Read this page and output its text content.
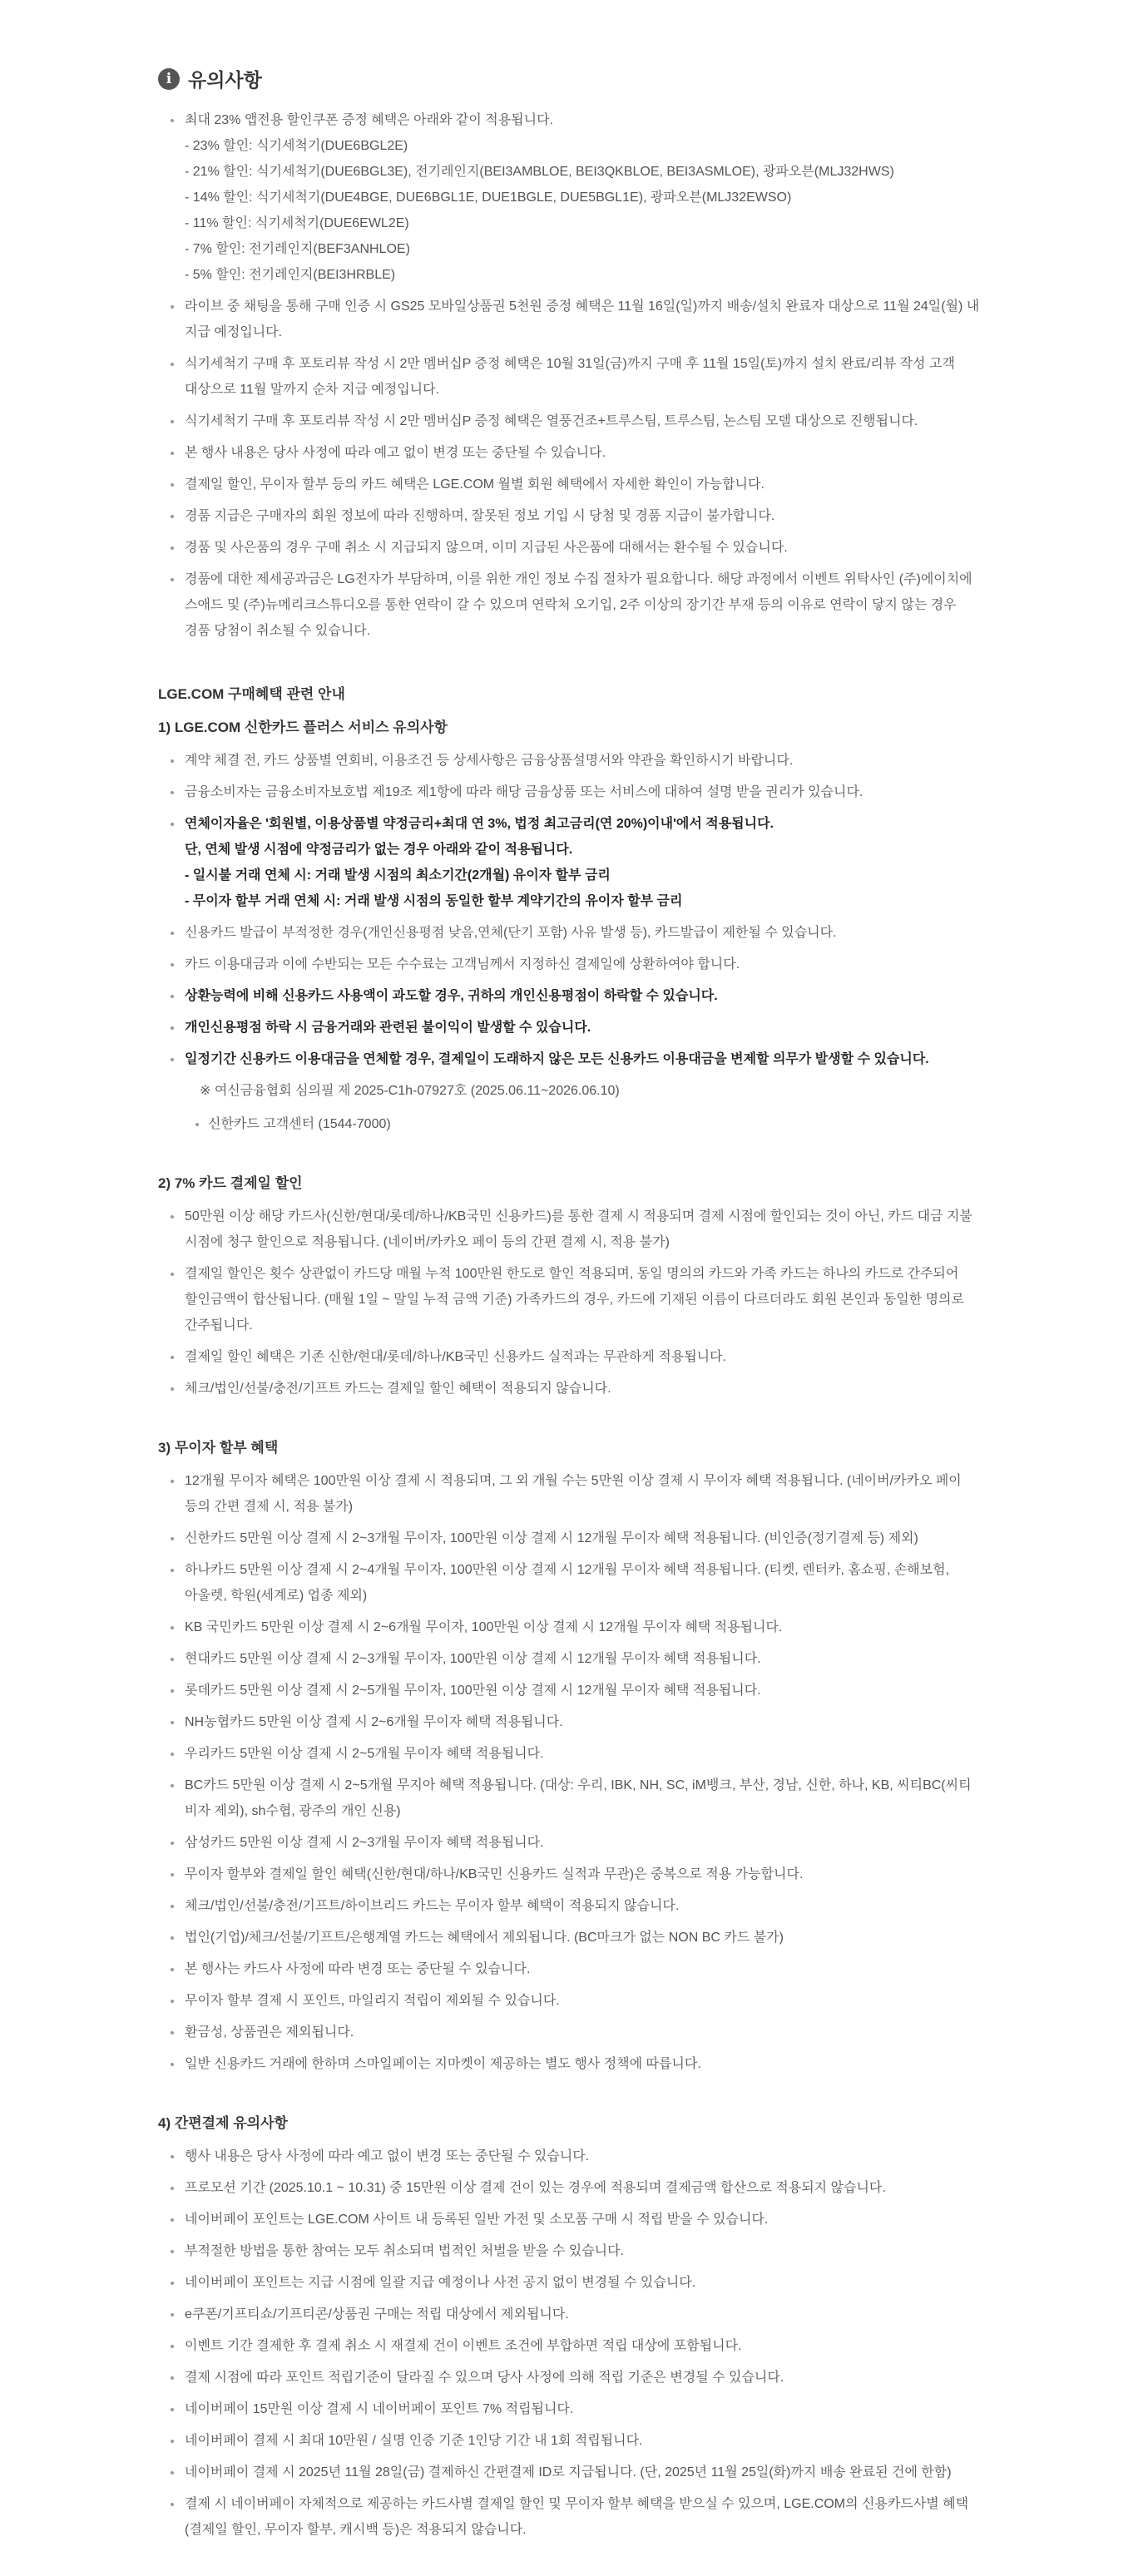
i 유의사항
최대 23% 앱전용 할인쿠폰 증정 혜택은 아래와 같이 적용됩니다.
- 23% 할인: 식기세척기(DUE6BGL2E)
- 21% 할인: 식기세척기(DUE6BGL3E), 전기레인지(BEI3AMBLOE, BEI3QKBLOE, BEI3ASMLOE), 광파오븐(MLJ32HWS)
- 14% 할인: 식기세척기(DUE4BGE, DUE6BGL1E, DUE1BGLE, DUE5BGL1E), 광파오븐(MLJ32EWSO)
- 11% 할인: 식기세척기(DUE6EWL2E)
- 7% 할인: 전기레인지(BEF3ANHLOE)
- 5% 할인: 전기레인지(BEI3HRBLE)
라이브 중 채팅을 통해 구매 인증 시 GS25 모바일상품권 5천원 증정 혜택은 11월 16일(일)까지 배송/설치 완료자 대상으로 11월 24일(월) 내
지급 예정입니다.
식기세척기 구매 후 포토리뷰 작성 시 2만 멤버십P 증정 혜택은 10월 31일(금)까지 구매 후 11월 15일(토)까지 설치 완료/리뷰 작성 고객
대상으로 11월 말까지 순차 지급 예정입니다.
식기세척기 구매 후 포토리뷰 작성 시 2만 멤버십P 증정 혜택은 열풍건조+트루스팀, 트루스팀, 논스팀 모델 대상으로 진행됩니다.
본 행사 내용은 당사 사정에 따라 예고 없이 변경 또는 중단될 수 있습니다.
결제일 할인, 무이자 할부 등의 카드 혜택은 LGE.COM 월별 회원 혜택에서 자세한 확인이 가능합니다.
경품 지급은 구매자의 회원 정보에 따라 진행하며, 잘못된 정보 기입 시 당첨 및 경품 지급이 불가합니다.
경품 및 사은품의 경우 구매 취소 시 지급되지 않으며, 이미 지급된 사은품에 대해서는 환수될 수 있습니다.
경품에 대한 제세공과금은 LG전자가 부담하며, 이를 위한 개인 정보 수집 절차가 필요합니다. 해당 과정에서 이벤트 위탁사인 (주)에이치에
스애드 및 (주)뉴메리크스튜디오를 통한 연락이 갈 수 있으며 연락처 오기입, 2주 이상의 장기간 부재 등의 이유로 연락이 닿지 않는 경우
경품 당첨이 취소될 수 있습니다.
LGE.COM 구매혜택 관련 안내
1) LGE.COM 신한카드 플러스 서비스 유의사항
계약 체결 전, 카드 상품별 연회비, 이용조건 등 상세사항은 금융상품설명서와 약관을 확인하시기 바랍니다.
금융소비자는 금융소비자보호법 제19조 제1항에 따라 해당 금융상품 또는 서비스에 대하여 설명 받을 권리가 있습니다.
연체이자율은 '회원별, 이용상품별 약정금리+최대 연 3%, 법정 최고금리(연 20%)이내'에서 적용됩니다.
단, 연체 발생 시점에 약정금리가 없는 경우 아래와 같이 적용됩니다.
- 일시불 거래 연체 시: 거래 발생 시점의 최소기간(2개월) 유이자 할부 금리
- 무이자 할부 거래 연체 시: 거래 발생 시점의 동일한 할부 계약기간의 유이자 할부 금리
신용카드 발급이 부적정한 경우(개인신용평점 낮음,연체(단기 포함) 사유 발생 등), 카드발급이 제한될 수 있습니다.
카드 이용대금과 이에 수반되는 모든 수수료는 고객님께서 지정하신 결제일에 상환하여야 합니다.
상환능력에 비해 신용카드 사용액이 과도할 경우, 귀하의 개인신용평점이 하락할 수 있습니다.
개인신용평점 하락 시 금융거래와 관련된 불이익이 발생할 수 있습니다.
일정기간 신용카드 이용대금을 연체할 경우, 결제일이 도래하지 않은 모든 신용카드 이용대금을 변제할 의무가 발생할 수 있습니다.
※ 여신금융협회 심의필 제 2025-C1h-07927호 (2025.06.11~2026.06.10)
신한카드 고객센터 (1544-7000)
2) 7% 카드 결제일 할인
50만원 이상 해당 카드사(신한/현대/롯데/하나/KB국민 신용카드)를 통한 결제 시 적용되며 결제 시점에 할인되는 것이 아닌, 카드 대금 지불
시점에 청구 할인으로 적용됩니다. (네이버/카카오 페이 등의 간편 결제 시, 적용 불가)
결제일 할인은 횟수 상관없이 카드당 매월 누적 100만원 한도로 할인 적용되며, 동일 명의의 카드와 가족 카드는 하나의 카드로 간주되어
할인금액이 합산됩니다. (매월 1일 ~ 말일 누적 금액 기준) 가족카드의 경우, 카드에 기재된 이름이 다르더라도 회원 본인과 동일한 명의로
간주됩니다.
결제일 할인 혜택은 기존 신한/현대/롯데/하나/KB국민 신용카드 실적과는 무관하게 적용됩니다.
체크/법인/선불/충전/기프트 카드는 결제일 할인 혜택이 적용되지 않습니다.
3) 무이자 할부 혜택
12개월 무이자 혜택은 100만원 이상 결제 시 적용되며, 그 외 개월 수는 5만원 이상 결제 시 무이자 혜택 적용됩니다. (네이버/카카오 페이
등의 간편 결제 시, 적용 불가)
신한카드 5만원 이상 결제 시 2~3개월 무이자, 100만원 이상 결제 시 12개월 무이자 혜택 적용됩니다. (비인증(정기결제 등) 제외)
하나카드 5만원 이상 결제 시 2~4개월 무이자, 100만원 이상 결제 시 12개월 무이자 혜택 적용됩니다. (티켓, 렌터카, 홈쇼핑, 손해보험,
아울렛, 학원(세계로) 업종 제외)
KB 국민카드 5만원 이상 결제 시 2~6개월 무이자, 100만원 이상 결제 시 12개월 무이자 혜택 적용됩니다.
현대카드 5만원 이상 결제 시 2~3개월 무이자, 100만원 이상 결제 시 12개월 무이자 혜택 적용됩니다.
롯데카드 5만원 이상 결제 시 2~5개월 무이자, 100만원 이상 결제 시 12개월 무이자 혜택 적용됩니다.
NH농협카드 5만원 이상 결제 시 2~6개월 무이자 혜택 적용됩니다.
우리카드 5만원 이상 결제 시 2~5개월 무이자 혜택 적용됩니다.
BC카드 5만원 이상 결제 시 2~5개월 무지아 혜택 적용됩니다. (대상: 우리, IBK, NH, SC, iM뱅크, 부산, 경남, 신한, 하나, KB, 씨티BC(씨티
비자 제외), sh수협, 광주의 개인 신용)
삼성카드 5만원 이상 결제 시 2~3개월 무이자 혜택 적용됩니다.
무이자 할부와 결제일 할인 혜택(신한/현대/하나/KB국민 신용카드 실적과 무관)은 중복으로 적용 가능합니다.
체크/법인/선불/충전/기프트/하이브리드 카드는 무이자 할부 혜택이 적용되지 않습니다.
법인(기업)/체크/선불/기프트/은행계열 카드는 혜택에서 제외됩니다. (BC마크가 없는 NON BC 카드 불가)
본 행사는 카드사 사정에 따라 변경 또는 중단될 수 있습니다.
무이자 할부 결제 시 포인트, 마일리지 적립이 제외될 수 있습니다.
환금성, 상품권은 제외됩니다.
일반 신용카드 거래에 한하며 스마일페이는 지마켓이 제공하는 별도 행사 정책에 따릅니다.
4) 간편결제 유의사항
행사 내용은 당사 사정에 따라 예고 없이 변경 또는 중단될 수 있습니다.
프로모션 기간 (2025.10.1 ~ 10.31) 중 15만원 이상 결제 건이 있는 경우에 적용되며 결제금액 합산으로 적용되지 않습니다.
네이버페이 포인트는 LGE.COM 사이트 내 등록된 일반 가전 및 소모품 구매 시 적립 받을 수 있습니다.
부적절한 방법을 통한 참여는 모두 취소되며 법적인 처벌을 받을 수 있습니다.
네이버페이 포인트는 지급 시점에 일괄 지급 예정이나 사전 공지 없이 변경될 수 있습니다.
e쿠폰/기프티쇼/기프티콘/상품권 구매는 적립 대상에서 제외됩니다.
이벤트 기간 결제한 후 결제 취소 시 재결제 건이 이벤트 조건에 부합하면 적립 대상에 포함됩니다.
결제 시점에 따라 포인트 적립기준이 달라질 수 있으며 당사 사정에 의해 적립 기준은 변경될 수 있습니다.
네이버페이 15만원 이상 결제 시 네이버페이 포인트 7% 적립됩니다.
네이버페이 결제 시 최대 10만원 / 실명 인증 기준 1인당 기간 내 1회 적립됩니다.
네이버페이 결제 시 2025년 11월 28일(금) 결제하신 간편결제 ID로 지급됩니다. (단, 2025년 11월 25일(화)까지 배송 완료된 건에 한함)
결제 시 네이버페이 자체적으로 제공하는 카드사별 결제일 할인 및 무이자 할부 혜택을 받으실 수 있으며, LGE.COM의 신용카드사별 혜택
(결제일 할인, 무이자 할부, 캐시백 등)은 적용되지 않습니다.
